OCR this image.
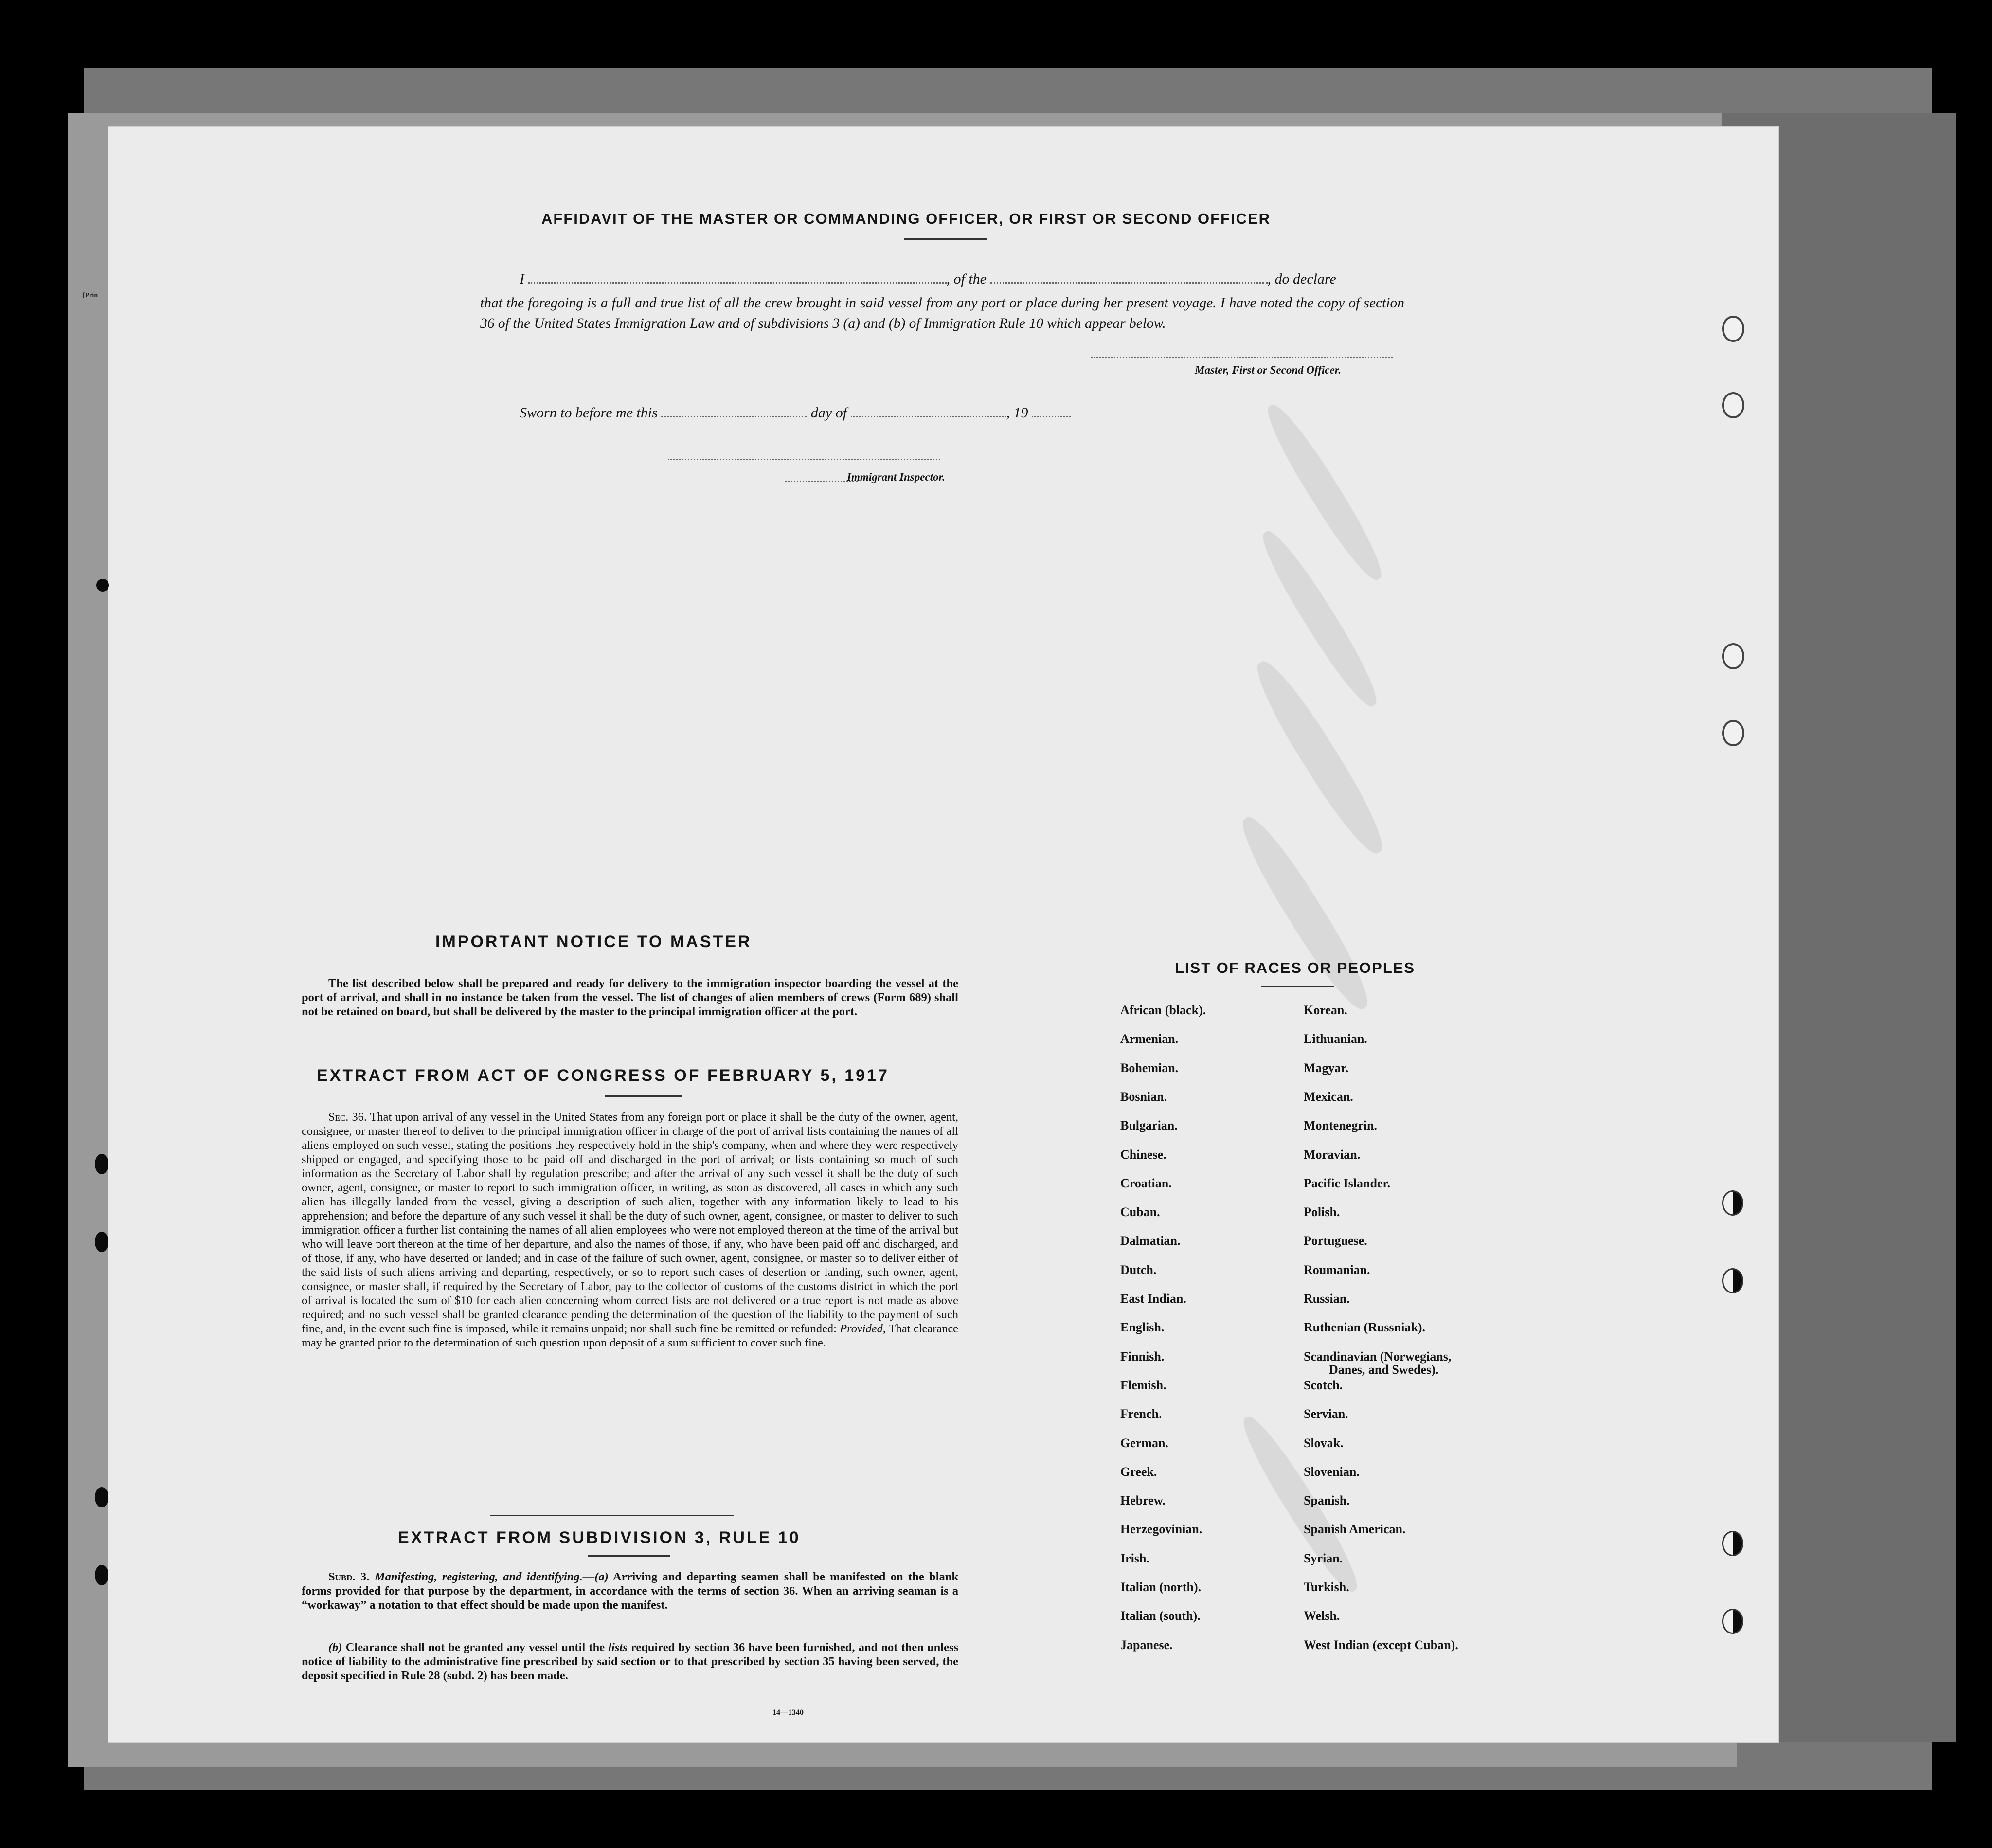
[Prin
AFFIDAVIT OF THE MASTER OR COMMANDING OFFICER, OR FIRST OR SECOND OFFICER
I	, of the	, do declare
that the foregoing is a full and true list of all the crew brought in said vessel from any port or place during her present voyage. I have noted the copy of section 36 of the United States Immigration Law and of subdivisions 3 (a) and (b) of Immigration Rule 10 which appear below.
Master, First or Second Officer.
Sworn to before me this	day of	, 19
Immigrant Inspector.
IMPORTANT NOTICE TO MASTER
The list described below shall be prepared and ready for delivery to the immigration inspector boarding the vessel at the port of arrival, and shall in no instance be taken from the vessel. The list of changes of alien members of crews (Form 689) shall not be retained on board, but shall be delivered by the master to the principal immigration officer at the port.
EXTRACT FROM ACT OF CONGRESS OF FEBRUARY 5, 1917
Sec. 36. That upon arrival of any vessel in the United States from any foreign port or place it shall be the duty of the owner, agent, consignee, or master thereof to deliver to the principal immigration officer in charge of the port of arrival lists containing the names of all aliens employed on such vessel, stating the positions they respectively hold in the ship's company, when and where they were respectively shipped or engaged, and specifying those to be paid off and discharged in the port of arrival; or lists containing so much of such information as the Secretary of Labor shall by regulation prescribe; and after the arrival of any such vessel it shall be the duty of such owner, agent, consignee, or master to report to such immigration officer, in writing, as soon as discovered, all cases in which any such alien has illegally landed from the vessel, giving a description of such alien, together with any information likely to lead to his apprehension; and before the departure of any such vessel it shall be the duty of such owner, agent, consignee, or master to deliver to such immigration officer a further list containing the names of all alien employees who were not employed thereon at the time of the arrival but who will leave port thereon at the time of her departure, and also the names of those, if any, who have been paid off and discharged, and of those, if any, who have deserted or landed; and in case of the failure of such owner, agent, consignee, or master so to deliver either of the said lists of such aliens arriving and departing, respectively, or so to report such cases of desertion or landing, such owner, agent, consignee, or master shall, if required by the Secretary of Labor, pay to the collector of customs of the customs district in which the port of arrival is located the sum of $10 for each alien concerning whom correct lists are not delivered or a true report is not made as above required; and no such vessel shall be granted clearance pending the determination of the question of the liability to the payment of such fine, and, in the event such fine is imposed, while it remains unpaid; nor shall such fine be remitted or refunded: Provided, That clearance may be granted prior to the determination of such question upon deposit of a sum sufficient to cover such fine.
EXTRACT FROM SUBDIVISION 3, RULE 10
Subd. 3. Manifesting, registering, and identifying.—(a) Arriving and departing seamen shall be manifested on the blank forms provided for that purpose by the department, in accordance with the terms of section 36. When an arriving seaman is a “workaway” a notation to that effect should be made upon the manifest.
(b) Clearance shall not be granted any vessel until the lists required by section 36 have been furnished, and not then unless notice of liability to the administrative fine prescribed by said section or to that prescribed by section 35 having been served, the deposit specified in Rule 28 (subd. 2) has been made.
14—1340
LIST OF RACES OR PEOPLES
African (black).
Armenian.
Bohemian.
Bosnian.
Bulgarian.
Chinese.
Croatian.
Cuban.
Dalmatian.
Dutch.
East Indian.
English.
Finnish.
Flemish.
French.
German.
Greek.
Hebrew.
Herzegovinian.
Irish.
Italian (north).
Italian (south).
Japanese.
Korean.
Lithuanian.
Magyar.
Mexican.
Montenegrin.
Moravian.
Pacific Islander.
Polish.
Portuguese.
Roumanian.
Russian.
Ruthenian (Russniak).
Scandinavian (Norwegians,
Danes, and Swedes).
Scotch.
Servian.
Slovak.
Slovenian.
Spanish.
Spanish American.
Syrian.
Turkish.
Welsh.
West Indian (except Cuban).
